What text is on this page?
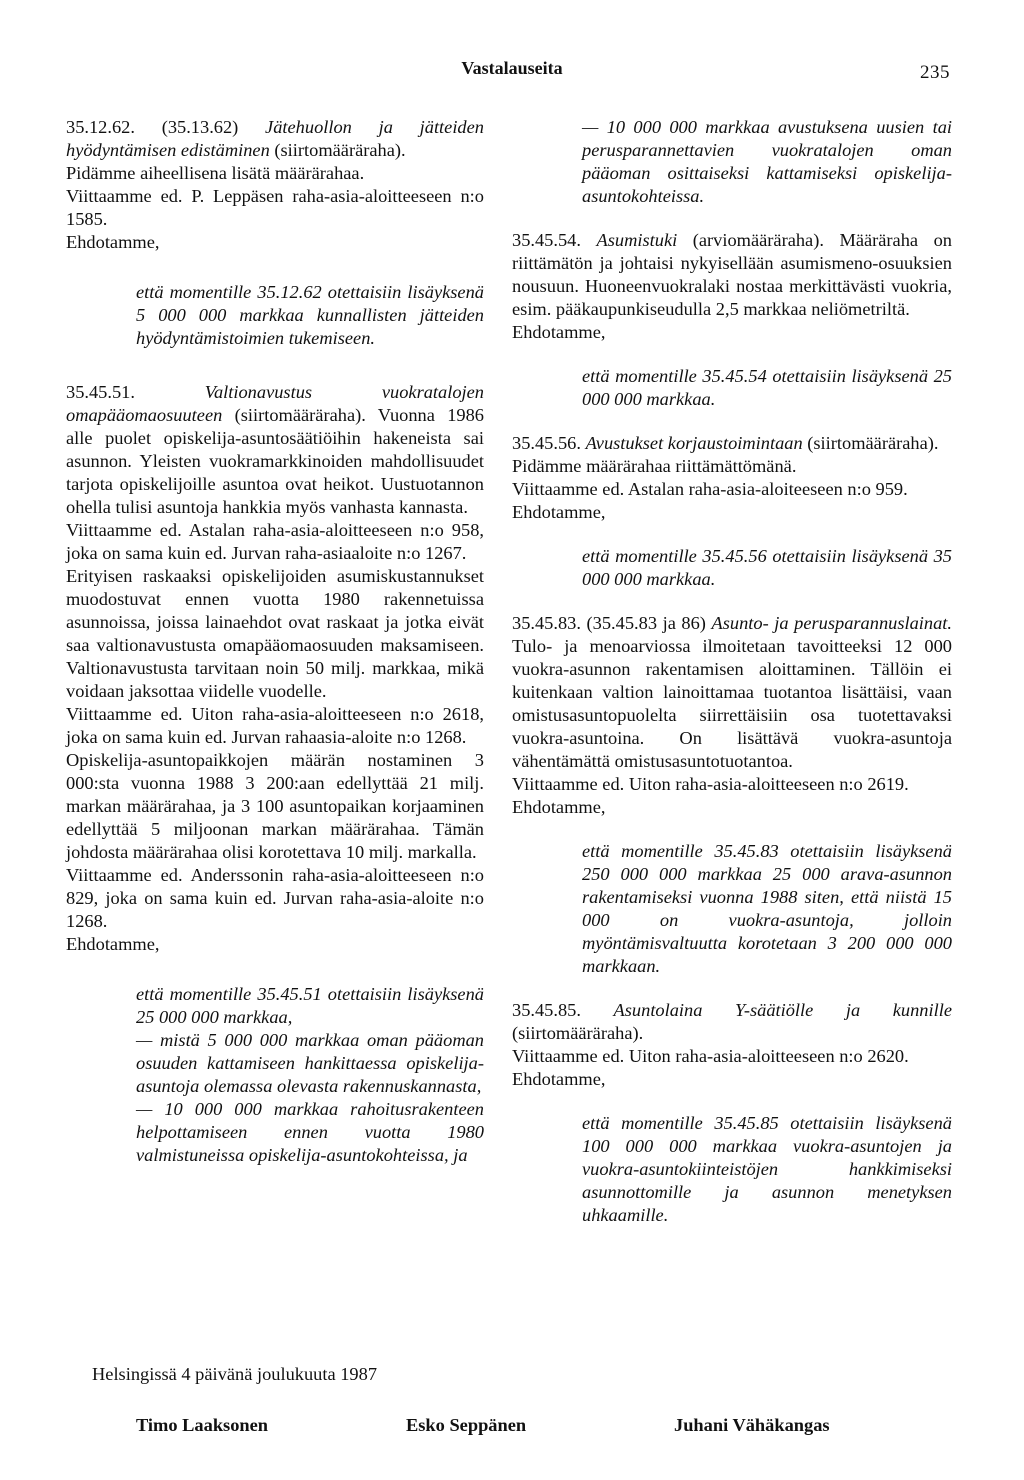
Vastalauseita	235

35.12.62. (35.13.62) Jätehuollon ja jätteiden hyödyntämisen edistäminen (siirtomääräraha).

Pidämme aiheellisena lisätä määrärahaa.

Viittaamme ed. P. Leppäsen raha-asia-aloitteeseen n:o 1585.

Ehdotamme,

että momentille 35.12.62 otettaisiin lisäyksenä 5 000 000 markkaa kunnallisten jätteiden hyödyntämistoimien tukemiseen.

35.45.51. Valtionavustus vuokratalojen omapääomaosuuteen (siirtomääräraha). Vuonna 1986 alle puolet opiskelija-asuntosäätiöihin hakeneista sai asunnon. Yleisten vuokramarkkinoiden mahdollisuudet tarjota opiskelijoille asuntoa ovat heikot. Uustuotannon ohella tulisi asuntoja hankkia myös vanhasta kannasta.

Viittaamme ed. Astalan raha-asia-aloitteeseen n:o 958, joka on sama kuin ed. Jurvan raha-asiaaloite n:o 1267.

Erityisen raskaaksi opiskelijoiden asumiskustannukset muodostuvat ennen vuotta 1980 rakennetuissa asunnoissa, joissa lainaehdot ovat raskaat ja jotka eivät saa valtionavustusta omapääomaosuuden maksamiseen. Valtionavustusta tarvitaan noin 50 milj. markkaa, mikä voidaan jaksottaa viidelle vuodelle.

Viittaamme ed. Uiton raha-asia-aloitteeseen n:o 2618, joka on sama kuin ed. Jurvan rahaasia-aloite n:o 1268.

Opiskelija-asuntopaikkojen määrän nostaminen 3 000:sta vuonna 1988 3 200:aan edellyttää 21 milj. markan määrärahaa, ja 3 100 asuntopaikan korjaaminen edellyttää 5 miljoonan markan määrärahaa. Tämän johdosta määrärahaa olisi korotettava 10 milj. markalla.

Viittaamme ed. Anderssonin raha-asia-aloitteeseen n:o 829, joka on sama kuin ed. Jurvan raha-asia-aloite n:o 1268.

Ehdotamme,

että momentille 35.45.51 otettaisiin lisäyksenä 25 000 000 markkaa,

— mistä 5 000 000 markkaa oman pääoman osuuden kattamiseen hankittaessa opiskelija-asuntoja olemassa olevasta rakennuskannasta,

— 10 000 000 markkaa rahoitusrakenteen helpottamiseen ennen vuotta 1980 valmistuneissa opiskelija-asuntokohteissa, ja

— 10 000 000 markkaa avustuksena uusien tai perusparannettavien vuokratalojen oman pääoman osittaiseksi kattamiseksi opiskelija-asuntokohteissa.

35.45.54. Asumistuki (arviomääräraha). Määräraha on riittämätön ja johtaisi nykyisellään asumismeno-osuuksien nousuun. Huoneenvuokralaki nostaa merkittävästi vuokria, esim. pääkaupunkiseudulla 2,5 markkaa neliömetriltä.

Ehdotamme,

että momentille 35.45.54 otettaisiin lisäyksenä 25 000 000 markkaa.

35.45.56. Avustukset korjaustoimintaan (siirtomääräraha).

Pidämme määrärahaa riittämättömänä.

Viittaamme ed. Astalan raha-asia-aloiteeseen n:o 959.

Ehdotamme,

että momentille 35.45.56 otettaisiin lisäyksenä 35 000 000 markkaa.

35.45.83. (35.45.83 ja 86) Asunto- ja perusparannuslainat. Tulo- ja menoarviossa ilmoitetaan tavoitteeksi 12 000 vuokra-asunnon rakentamisen aloittaminen. Tällöin ei kuitenkaan valtion lainoittamaa tuotantoa lisättäisi, vaan omistusasuntopuolelta siirrettäisiin osa tuotettavaksi vuokra-asuntoina. On lisättävä vuokra-asuntoja vähentämättä omistusasuntotuotantoa.

Viittaamme ed. Uiton raha-asia-aloitteeseen n:o 2619.

Ehdotamme,

että momentille 35.45.83 otettaisiin lisäyksenä 250 000 000 markkaa 25 000 arava-asunnon rakentamiseksi vuonna 1988 siten, että niistä 15 000 on vuokra-asuntoja, jolloin myöntämisvaltuutta korotetaan 3 200 000 000 markkaan.

35.45.85. Asuntolaina Y-säätiölle ja kunnille (siirtomääräraha).

Viittaamme ed. Uiton raha-asia-aloitteeseen n:o 2620.

Ehdotamme,

että momentille 35.45.85 otettaisiin lisäyksenä 100 000 000 markkaa vuokra-asuntojen ja vuokra-asuntokiinteistöjen hankkimiseksi asunnottomille ja asunnon menetyksen uhkaamille.

Helsingissä 4 päivänä joulukuuta 1987
Timo Laaksonen	Esko Seppänen	Juhani Vähäkangas
